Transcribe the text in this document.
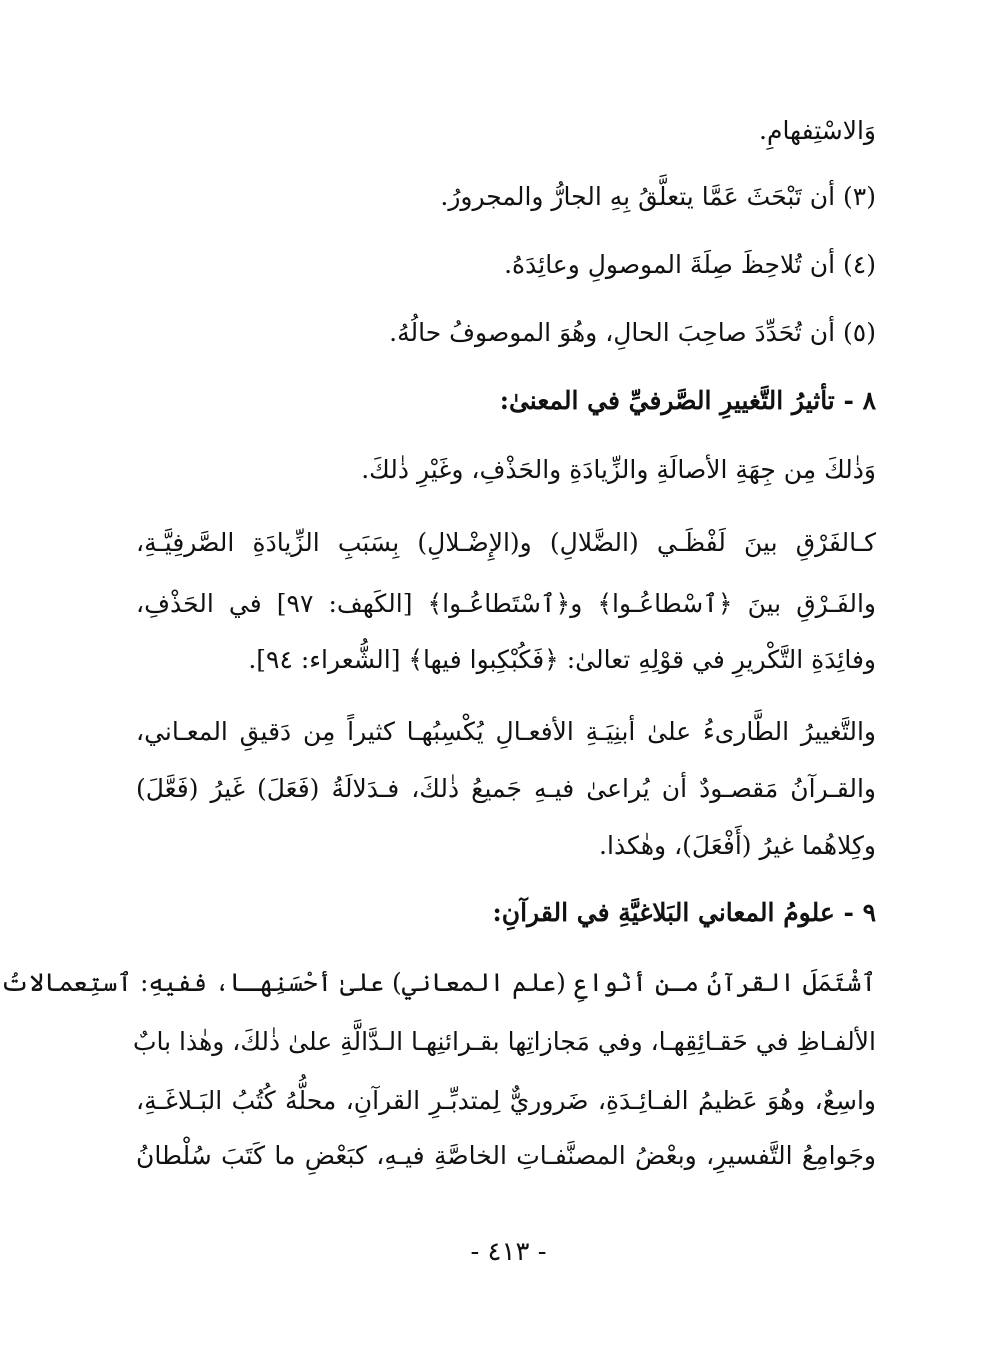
وَالاسْتِفهامِ.
(٣) أن تَبْحَثَ عَمَّا يتعلَّقُ بِهِ الجارُّ والمجرورُ.
(٤) أن تُلاحِظَ صِلَةَ الموصولِ وعائِدَهُ.
(٥) أن تُحَدِّدَ صاحِبَ الحالِ، وهُوَ الموصوفُ حالُهُ.
٨ - تأثيرُ التَّغييرِ الصَّرفيِّ في المعنىٰ:
وَذٰلكَ مِن جِهَةِ الأصالَةِ والزِّيادَةِ والحَذْفِ، وغَيْرِ ذٰلكَ.
كـالفَرْقِ بينَ لَفْظَـي (الضَّلالِ) و(الإِضْـلالِ) بِسَبَبِ الزِّيادَةِ الصَّرفِيَّـةِ،
والفَـرْقِ بينَ ﴿ٱسْطاعُـوا﴾ و﴿ٱسْتَطاعُـوا﴾ [الكَهف: ٩٧] في الحَذْفِ،
وفائِدَةِ التَّكْريرِ في قوْلِهِ تعالىٰ: ﴿فَكُبْكِبوا فيها﴾ [الشُّعراء: ٩٤].
والتَّغييرُ الطَّارىءُ علىٰ أبنِيَـةِ الأفعـالِ يُكْسِبُهـا كثيراً مِن دَقيقِ المعـاني،
والقـرآنُ مَقصـودٌ أن يُراعىٰ فيـهِ جَميعُ ذٰلكَ، فـدَلالَةُ (فَعَلَ) غَيرُ (فَعَّلَ)
وكِلاهُما غيرُ (أَفْعَلَ)، وهٰكذا.
٩ - علومُ المعاني البَلاغيَّةِ في القرآنِ:
ٱشْتَمَلَ القرآنُ مـن أنْواعِ (علم المعاني) علىٰ أحْسَنِهـا، ففيهِ: ٱستِعمالاتُ
الألفـاظِ في حَقـائِقِهـا، وفي مَجازاتِها بقـرائنِهـا الـدَّالَّةِ علىٰ ذٰلكَ، وهٰذا بابٌ
واسِعٌ، وهُوَ عَظيمُ الفـائِـدَةِ، ضَروريٌّ لِمتدبِّـرِ القرآنِ، محلُّهُ كُتُبُ البَـلاغَـةِ،
وجَوامِعُ التَّفسيرِ، وبعْضُ المصنَّفـاتِ الخاصَّةِ فيـهِ، كبَعْضِ ما كَتَبَ سُلْطانُ
- ٤١٣ -
